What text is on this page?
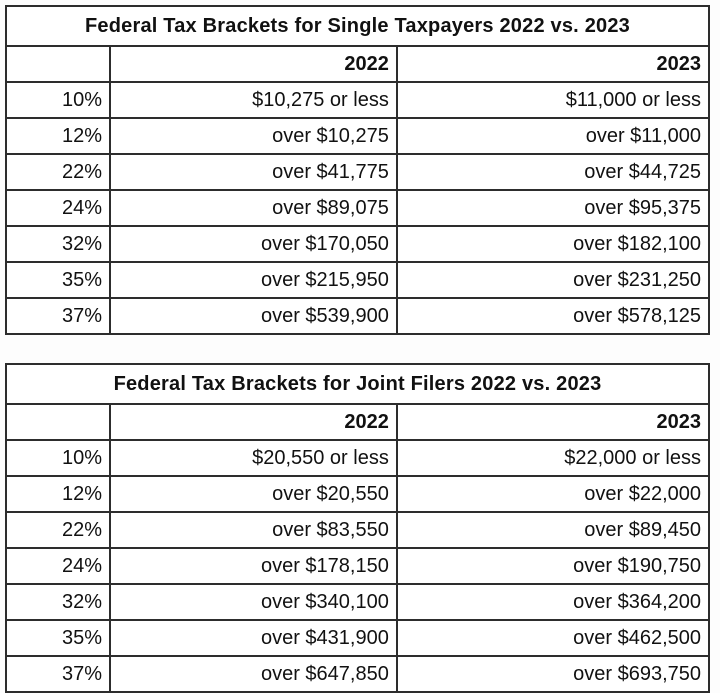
Federal Tax Brackets for Single Taxpayers 2022 vs. 2023		
	2022	2023
10%	$10,275 or less	$11,000 or less
12%	over $10,275	over $11,000
22%	over $41,775	over $44,725
24%	over $89,075	over $95,375
32%	over $170,050	over $182,100
35%	over $215,950	over $231,250
37%	over $539,900	over $578,125
Federal Tax Brackets for Joint Filers 2022 vs. 2023		
	2022	2023
10%	$20,550 or less	$22,000 or less
12%	over $20,550	over $22,000
22%	over $83,550	over $89,450
24%	over $178,150	over $190,750
32%	over $340,100	over $364,200
35%	over $431,900	over $462,500
37%	over $647,850	over $693,750
